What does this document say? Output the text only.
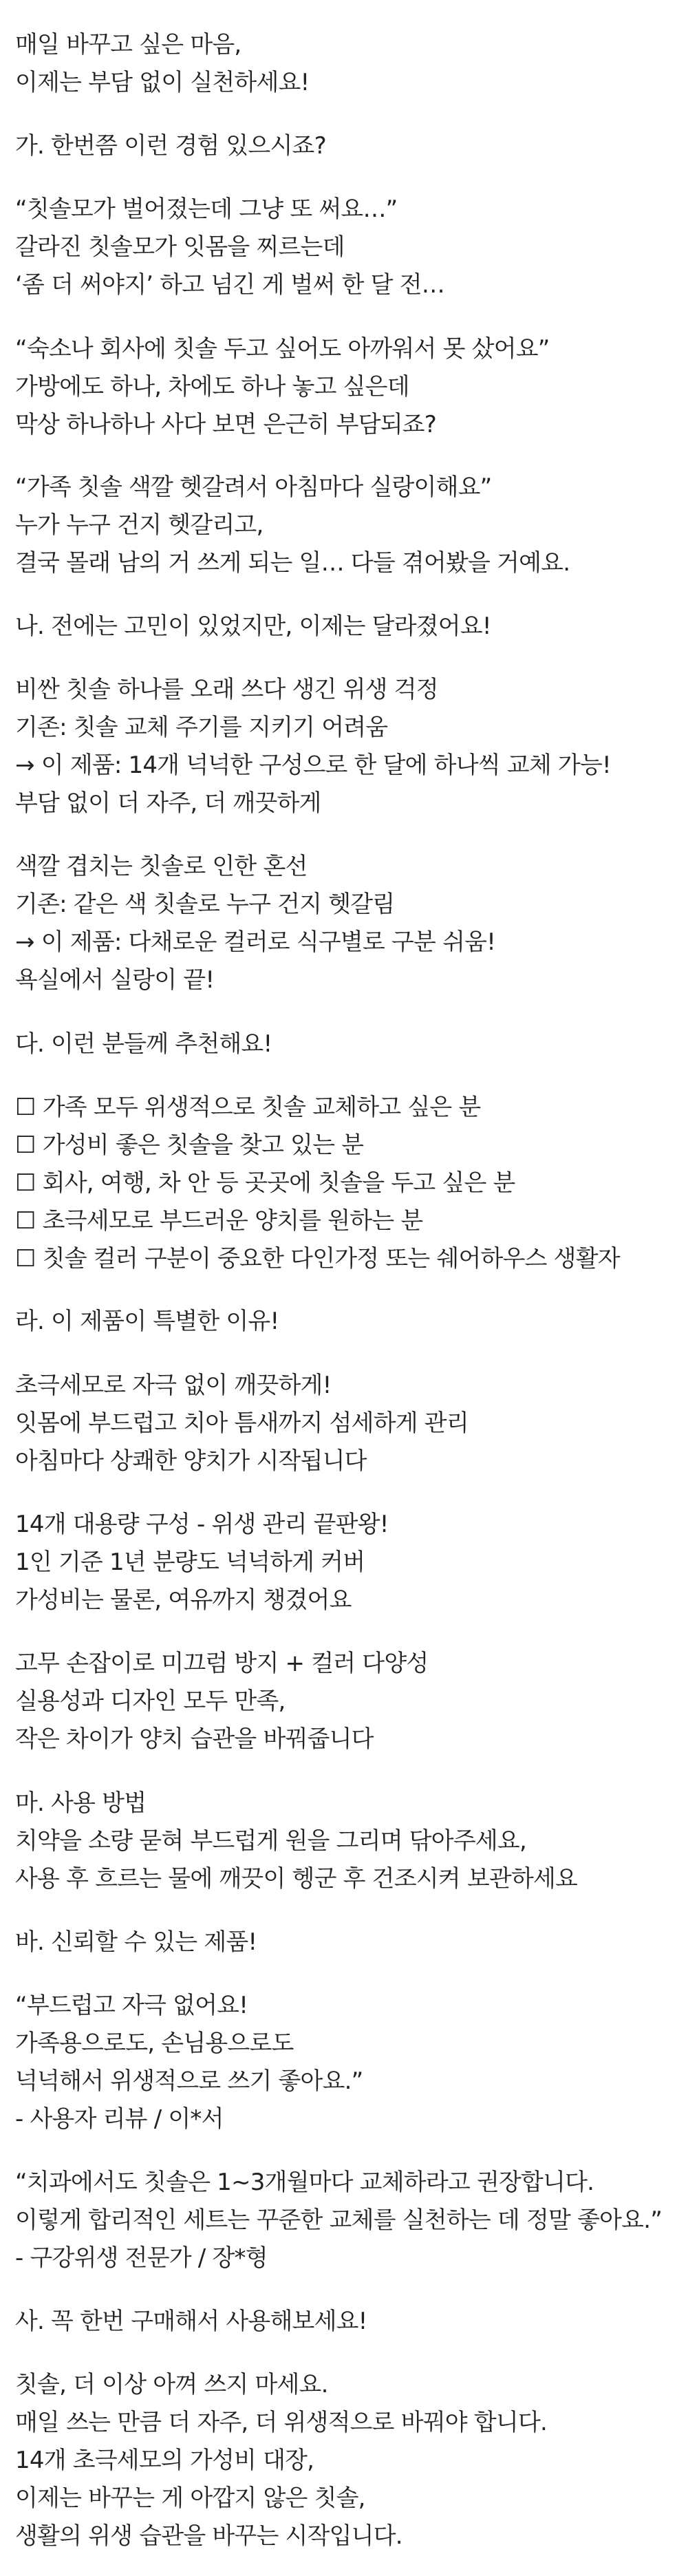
매일 바꾸고 싶은 마음,

이제는 부담 없이 실천하세요!

가. 한번쯤 이런 경험 있으시죠?

“칫솔모가 벌어졌는데 그냥 또 써요…”

갈라진 칫솔모가 잇몸을 찌르는데

‘좀 더 써야지’ 하고 넘긴 게 벌써 한 달 전…

“숙소나 회사에 칫솔 두고 싶어도 아까워서 못 샀어요”

가방에도 하나, 차에도 하나 놓고 싶은데

막상 하나하나 사다 보면 은근히 부담되죠?

“가족 칫솔 색깔 헷갈려서 아침마다 실랑이해요”

누가 누구 건지 헷갈리고,

결국 몰래 남의 거 쓰게 되는 일… 다들 겪어봤을 거예요.

나. 전에는 고민이 있었지만, 이제는 달라졌어요!

비싼 칫솔 하나를 오래 쓰다 생긴 위생 걱정

기존: 칫솔 교체 주기를 지키기 어려움

→ 이 제품: 14개 넉넉한 구성으로 한 달에 하나씩 교체 가능!

부담 없이 더 자주, 더 깨끗하게

색깔 겹치는 칫솔로 인한 혼선

기존: 같은 색 칫솔로 누구 건지 헷갈림

→ 이 제품: 다채로운 컬러로 식구별로 구분 쉬움!

욕실에서 실랑이 끝!

다. 이런 분들께 추천해요!

☐ 가족 모두 위생적으로 칫솔 교체하고 싶은 분

☐ 가성비 좋은 칫솔을 찾고 있는 분

☐ 회사, 여행, 차 안 등 곳곳에 칫솔을 두고 싶은 분

☐ 초극세모로 부드러운 양치를 원하는 분

☐ 칫솔 컬러 구분이 중요한 다인가정 또는 쉐어하우스 생활자

라. 이 제품이 특별한 이유!

초극세모로 자극 없이 깨끗하게!

잇몸에 부드럽고 치아 틈새까지 섬세하게 관리

아침마다 상쾌한 양치가 시작됩니다

14개 대용량 구성 - 위생 관리 끝판왕!

1인 기준 1년 분량도 넉넉하게 커버

가성비는 물론, 여유까지 챙겼어요

고무 손잡이로 미끄럼 방지 + 컬러 다양성

실용성과 디자인 모두 만족,

작은 차이가 양치 습관을 바꿔줍니다

마. 사용 방법

치약을 소량 묻혀 부드럽게 원을 그리며 닦아주세요,

사용 후 흐르는 물에 깨끗이 헹군 후 건조시켜 보관하세요

바. 신뢰할 수 있는 제품!

“부드럽고 자극 없어요!

가족용으로도, 손님용으로도

넉넉해서 위생적으로 쓰기 좋아요.”

- 사용자 리뷰 / 이*서

“치과에서도 칫솔은 1~3개월마다 교체하라고 권장합니다.

이렇게 합리적인 세트는 꾸준한 교체를 실천하는 데 정말 좋아요.”

- 구강위생 전문가 / 장*형

사. 꼭 한번 구매해서 사용해보세요!

칫솔, 더 이상 아껴 쓰지 마세요.

매일 쓰는 만큼 더 자주, 더 위생적으로 바꿔야 합니다.

14개 초극세모의 가성비 대장,

이제는 바꾸는 게 아깝지 않은 칫솔,

생활의 위생 습관을 바꾸는 시작입니다.
